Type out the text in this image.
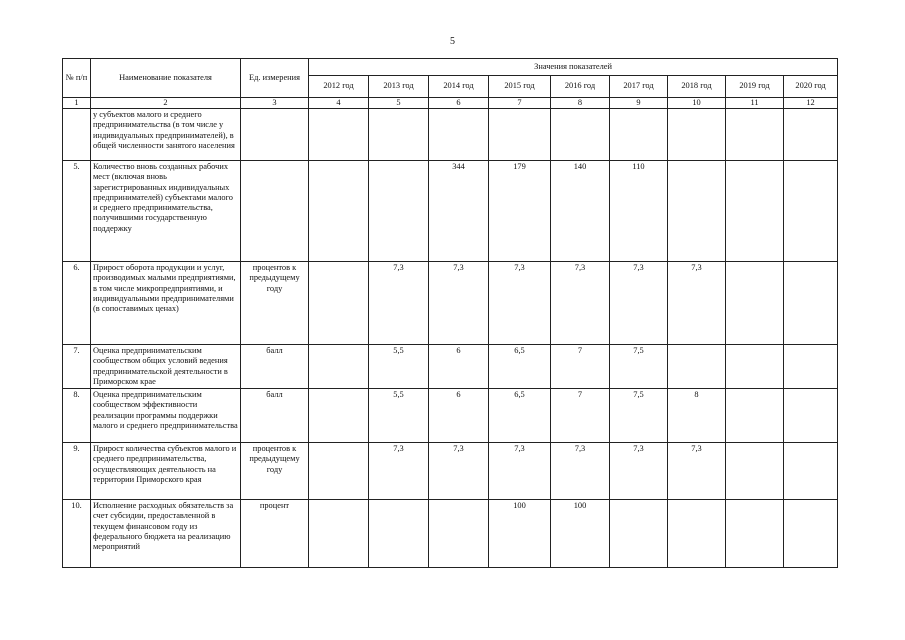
5
№ п/п	Наименование показателя	Ед. измерения	Значения показателей								
			2012 год	2013 год	2014 год	2015 год	2016 год	2017 год	2018 год	2019 год	2020 год
1	2	3	4	5	6	7	8	9	10	11	12
	у субъектов малого и среднего предпринимательства (в том числе у индивидуальных предпринимателей), в общей численности занятого населения										
5.	Количество вновь созданных рабочих мест (включая вновь зарегистрированных индивидуальных предпринимателей) субъектами малого и среднего предпринимательства, получившими государственную поддержку				344	179	140	110			
6.	Прирост оборота продукции и услуг, производимых малыми предприятиями, в том числе микропредприятиями, и индивидуальными предпринимателями (в сопоставимых ценах)	процентов к предыдущему году		7,3	7,3	7,3	7,3	7,3	7,3		
7.	Оценка предпринимательским сообществом общих условий ведения предпринимательской деятельности в Приморском крае	балл		5,5	6	6,5	7	7,5			
8.	Оценка предпринимательским сообществом эффективности реализации программы поддержки малого и среднего предпринимательства	балл		5,5	6	6,5	7	7,5	8		
9.	Прирост количества субъектов малого и среднего предпринимательства, осуществляющих деятельность на территории Приморского края	процентов к предыдущему году		7,3	7,3	7,3	7,3	7,3	7,3		
10.	Исполнение расходных обязательств за счет субсидии, предоставленной в текущем финансовом году из федерального бюджета на реализацию мероприятий	процент				100	100				
